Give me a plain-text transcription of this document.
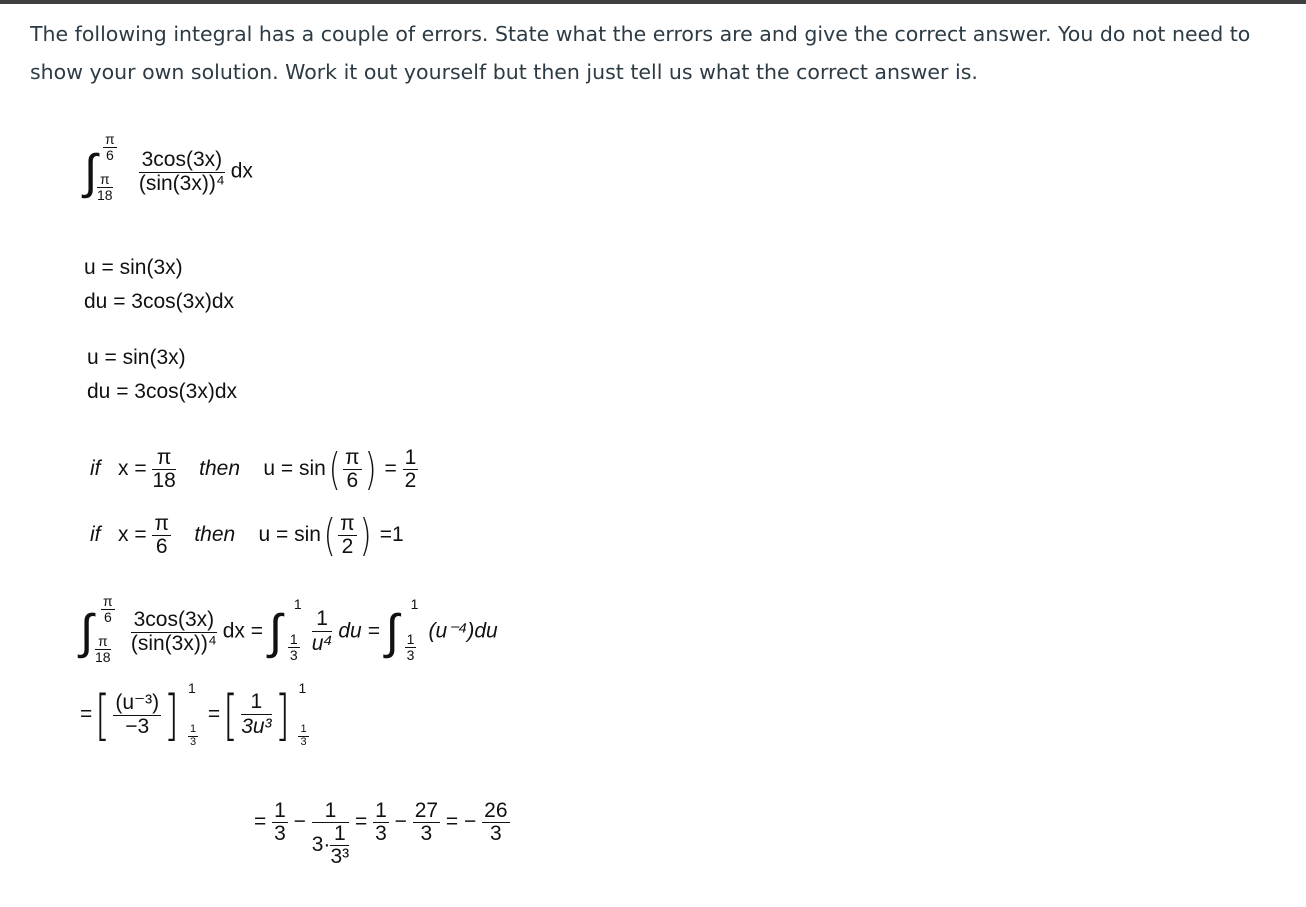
The following integral has a couple of errors. State what the errors are and give the correct answer. You do not need to show your own solution. Work it out yourself but then just tell us what the correct answer is.
∫ $\frac{\pi}{6}$
$\frac{\pi}{18}$
$\frac{3\cos(3x)}{\text{(sin(3x))⁴}}$ dx
u = sin(3x)
du = 3cos(3x)dx
u = sin(3x)
du = 3cos(3x)dx
if $x = \frac{\pi}{18}$ then $u = \sin( \frac{\pi}{6}$ ) = $\frac{1}{2}$
if $x = \frac{\pi}{6}$ then $u = \sin( \frac{\pi}{2}$ ) =1
∫ $\frac{\pi}{6}$
$\frac{\pi}{18}$
$\frac{3\cos(3x)}{\text{(sin(3x))⁴}}$ dx = ∫ 1
$\frac{1}{3}$
$\frac{1}{\text{u⁴}}$ du = ∫ 1
$\frac{1}{3}$
(u⁻⁴)du
=[ $\frac{\text{(u⁻³)}}{-3}$ ] 1
$\frac{1}{3}$
=[ $\frac{1}{\text{3u³}}$] 1
$\frac{1}{3}$
= $\frac{1}{3} - \frac{1}{3\cdot \frac{1}{\text{3³}}} = \frac{1}{3} - \frac{27}{3}$ = − $\frac{26}{3}$
